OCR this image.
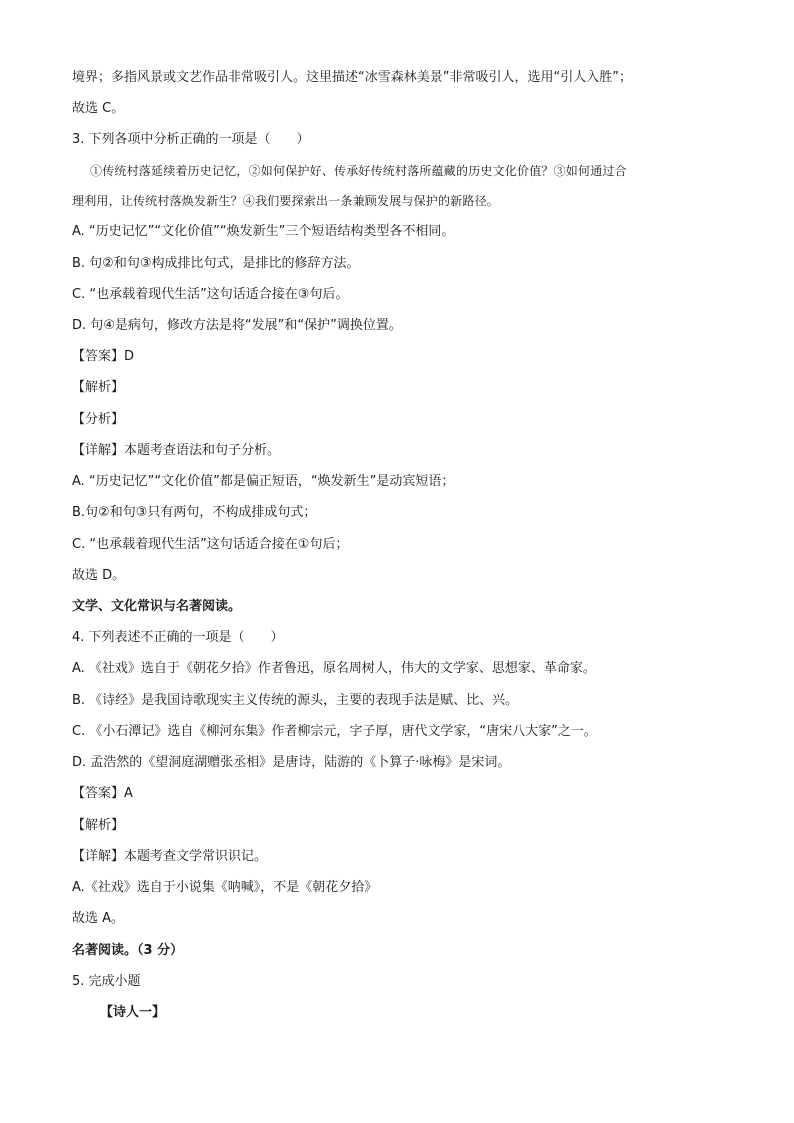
境界；多指风景或文艺作品非常吸引人。这里描述“冰雪森林美景”非常吸引人，选用“引人入胜”；
故选 C。
3. 下列各项中分析正确的一项是（　　）
①传统村落延续着历史记忆，②如何保护好、传承好传统村落所蕴藏的历史文化价值？③如何通过合
理利用，让传统村落焕发新生？④我们要探索出一条兼顾发展与保护的新路径。
A. “历史记忆”“文化价值”“焕发新生”三个短语结构类型各不相同。
B. 句②和句③构成排比句式，是排比的修辞方法。
C. “也承载着现代生活”这句话适合接在③句后。
D. 句④是病句，修改方法是将“发展”和“保护”调换位置。
【答案】D
【解析】
【分析】
【详解】本题考查语法和句子分析。
A. “历史记忆”“文化价值”都是偏正短语，“焕发新生”是动宾短语；
B.句②和句③只有两句，不构成排成句式；
C. “也承载着现代生活”这句话适合接在①句后；
故选 D。
文学、文化常识与名著阅读。
4. 下列表述不正确的一项是（　　）
A. 《社戏》选自于《朝花夕拾》作者鲁迅，原名周树人，伟大的文学家、思想家、革命家。
B. 《诗经》是我国诗歌现实主义传统的源头，主要的表现手法是赋、比、兴。
C. 《小石潭记》选自《柳河东集》作者柳宗元，字子厚，唐代文学家，“唐宋八大家”之一。
D. 孟浩然的《望洞庭湖赠张丞相》是唐诗，陆游的《卜算子·咏梅》是宋词。
【答案】A
【解析】
【详解】本题考查文学常识识记。
A.《社戏》选自于小说集《呐喊》，不是《朝花夕拾》
故选 A。
名著阅读。（3 分）
5. 完成小题
【诗人一】
